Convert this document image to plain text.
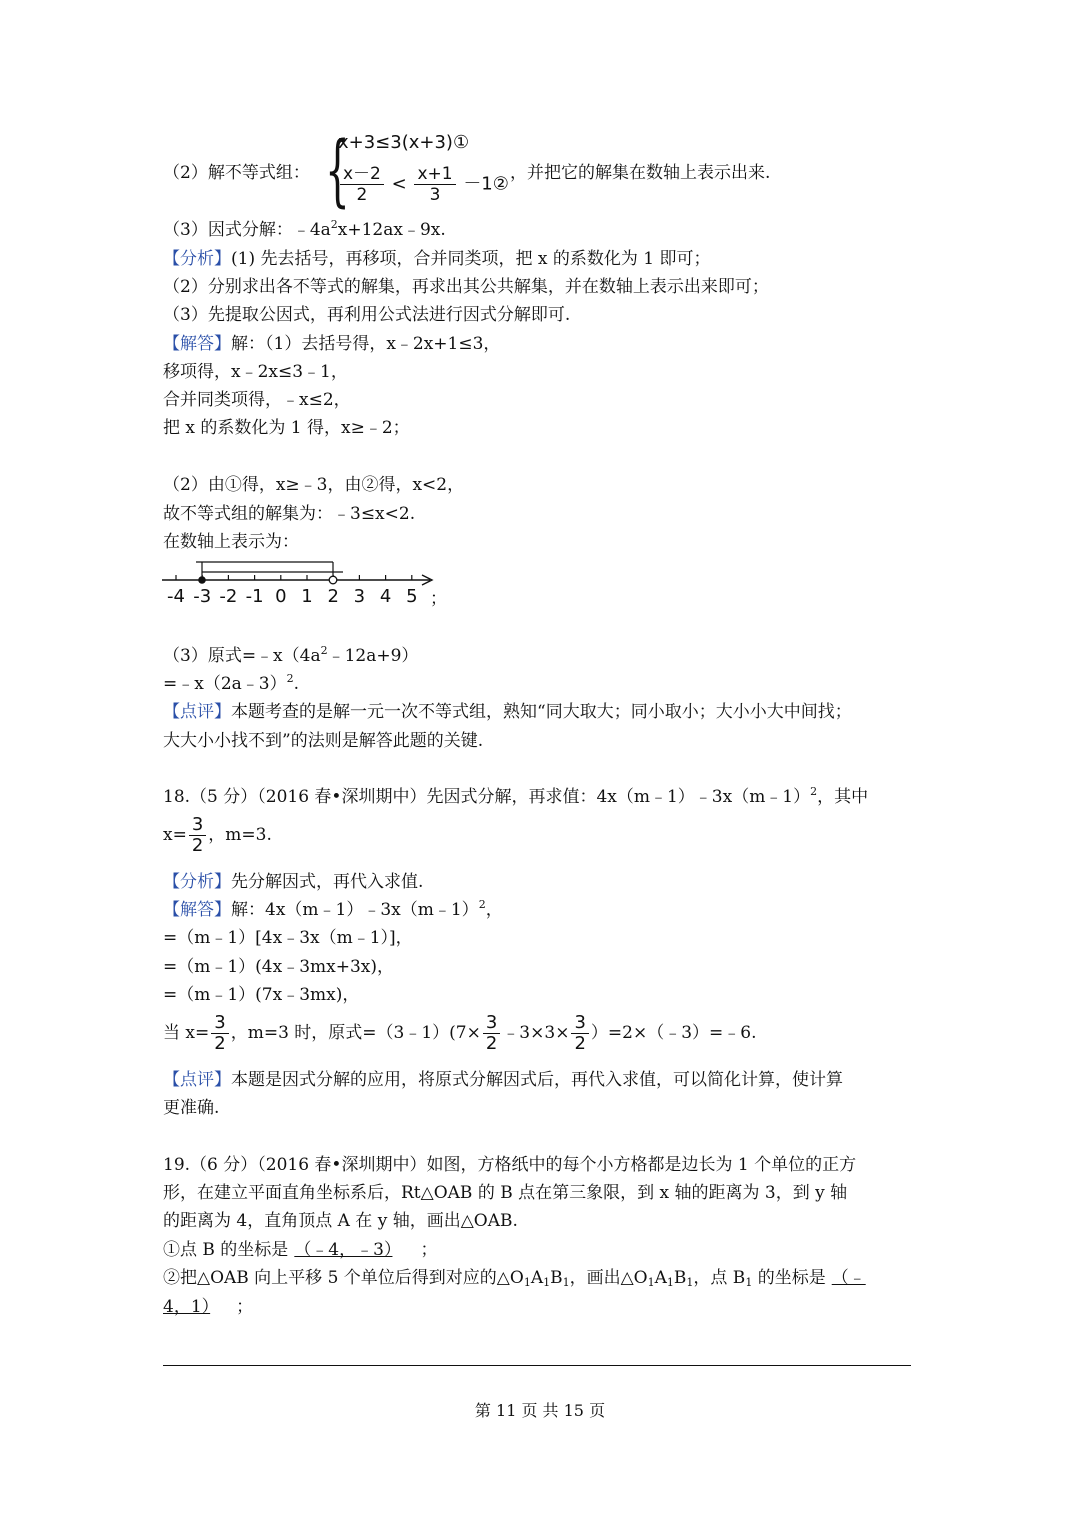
（2）解不等式组： {
x+3≤3(x+3)①
$\frac{x-2}{2} < \frac{x+1}{3}$ －1②
，并把它的解集在数轴上表示出来.
（3）因式分解：$﹣4a^2x+12ax﹣9x$.
【分析】(1) 先去括号，再移项，合并同类项，把 x 的系数化为 1 即可；
（2）分别求出各不等式的解集，再求出其公共解集，并在数轴上表示出来即可；
（3）先提取公因式，再利用公式法进行因式分解即可.
【解答】解：（1）去括号得，x﹣2x+1≤3，
移项得，x﹣2x≤3﹣1，
合并同类项得，﹣x≤2，
把 x 的系数化为 1 得，x≥﹣2；
（2）由①得，x≥﹣3，由②得，x<2，
故不等式组的解集为：﹣3≤x<2.
在数轴上表示为：
-4 -3 -2 -1 0 1 2 3 4 5 ；
（3）原式$=﹣x(4a^2﹣12a+9)$
=﹣x（2a﹣3）$^2$.
【点评】本题考查的是解一元一次不等式组，熟知“同大取大；同小取小；大小小大中间找；
大大小小找不到”的法则是解答此题的关键.
18.（5 分）（2016 春•深圳期中）先因式分解，再求值：4x（m﹣1）﹣3x（m﹣1）$^2$，其中
$x= \frac{3}{2}$ ，m=3.
【分析】先分解因式，再代入求值.
【解答】解：4x（m﹣1）﹣3x（m﹣1）$^2$，
=（m﹣1）[4x﹣3x（m﹣1）]，
=（m﹣1）(4x﹣3mx+3x)，
=（m﹣1）(7x﹣3mx)，
当 $x= \frac{3}{2}$ ，m=3 时，原式=（3﹣1）(7× $\frac{3}{2}$ ﹣3×3× $\frac{3}{2}$ ）=2×（﹣3）=﹣6.
【点评】本题是因式分解的应用，将原式分解因式后，再代入求值，可以简化计算，使计算
更准确.
19.（6 分）（2016 春•深圳期中）如图，方格纸中的每个小方格都是边长为 1 个单位的正方
形，在建立平面直角坐标系后，Rt△OAB 的 B 点在第三象限，到 x 轴的距离为 3，到 y 轴
的距离为 4，直角顶点 A 在 y 轴，画出△OAB.
①点 B 的坐标是 （﹣4，﹣3） ；
②把△OAB 向上平移 5 个单位后得到对应的$\triangle O_1A_1B_1$，画出$\triangle O_1A_1B_1$，点 $B_1$ 的坐标是 （﹣
4，1） ；
第 11 页 共 15 页
